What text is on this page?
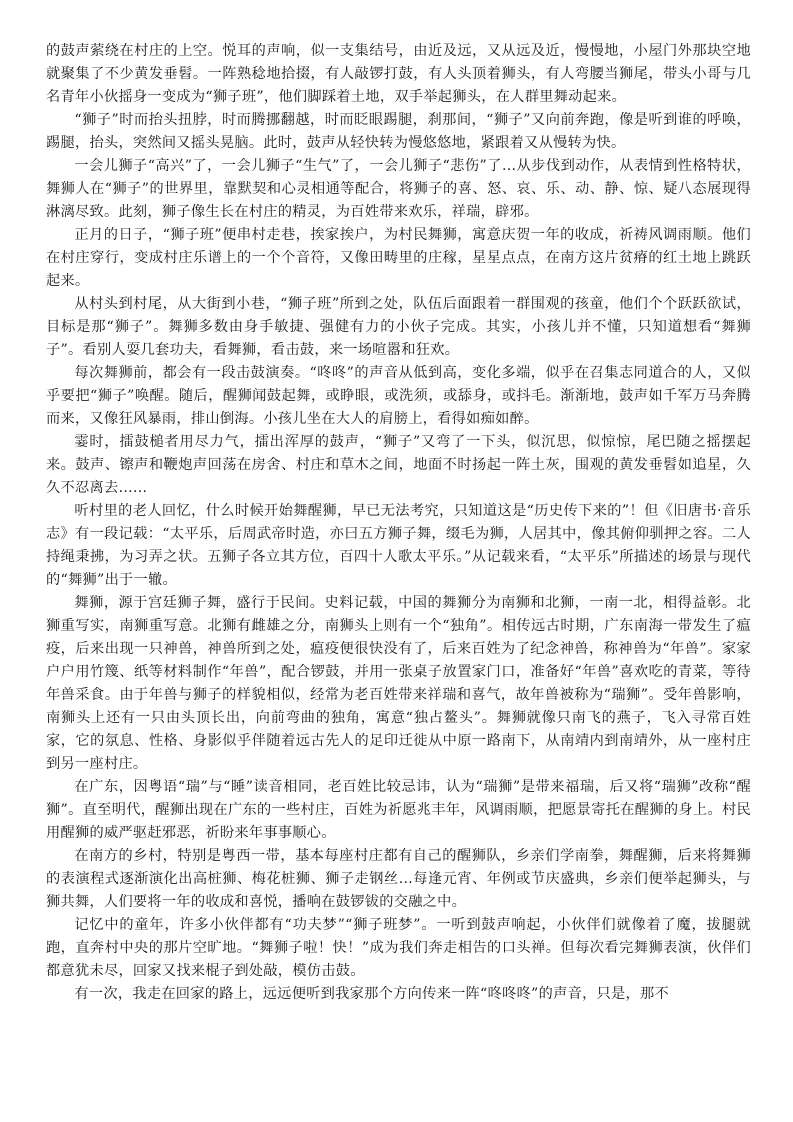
的鼓声萦绕在村庄的上空。悦耳的声响，似一支集结号，由近及远，又从远及近，慢慢地，小屋门外那块空地就聚集了不少黄发垂髫。一阵熟稔地拾掇，有人敲锣打鼓，有人头顶着狮头，有人弯腰当狮尾，带头小哥与几名青年小伙摇身一变成为“狮子班”，他们脚踩着土地，双手举起狮头，在人群里舞动起来。

“狮子”时而抬头扭脖，时而腾挪翻越，时而眨眼踢腿，刹那间，“狮子”又向前奔跑，像是听到谁的呼唤，踢腿，抬头，突然间又摇头晃脑。此时，鼓声从轻快转为慢悠悠地，紧跟着又从慢转为快。

一会儿狮子“高兴”了，一会儿狮子“生气”了，一会儿狮子“悲伤”了…从步伐到动作，从表情到性格特状，舞狮人在“狮子”的世界里，靠默契和心灵相通等配合，将狮子的喜、怒、哀、乐、动、静、惊、疑八态展现得淋漓尽致。此刻，狮子像生长在村庄的精灵，为百姓带来欢乐，祥瑞，辟邪。

正月的日子，“狮子班”便串村走巷，挨家挨户，为村民舞狮，寓意庆贺一年的收成，祈祷风调雨顺。他们在村庄穿行，变成村庄乐谱上的一个个音符，又像田畴里的庄稼，星星点点，在南方这片贫瘠的红土地上跳跃起来。

从村头到村尾，从大街到小巷，“狮子班”所到之处，队伍后面跟着一群围观的孩童，他们个个跃跃欲试，目标是那“狮子”。舞狮多数由身手敏捷、强健有力的小伙子完成。其实，小孩儿并不懂，只知道想看“舞狮子”。看别人耍几套功夫，看舞狮，看击鼓，来一场喧嚣和狂欢。

每次舞狮前，都会有一段击鼓演奏。“咚咚”的声音从低到高，变化多端，似乎在召集志同道合的人，又似乎要把“狮子”唤醒。随后，醒狮闻鼓起舞，或睁眼，或洗须，或舔身，或抖毛。渐渐地，鼓声如千军万马奔腾而来，又像狂风暴雨，排山倒海。小孩儿坐在大人的肩膀上，看得如痴如醉。

霎时，擂鼓槌者用尽力气，擂出浑厚的鼓声，“狮子”又弯了一下头，似沉思，似惊惊，尾巴随之摇摆起来。鼓声、镲声和鞭炮声回荡在房舍、村庄和草木之间，地面不时扬起一阵土灰，围观的黄发垂髫如追星，久久不忍离去……

听村里的老人回忆，什么时候开始舞醒狮，早已无法考究，只知道这是“历史传下来的”！但《旧唐书·音乐志》有一段记载：“太平乐，后周武帝时造，亦曰五方狮子舞，缀毛为狮，人居其中，像其俯仰驯押之容。二人持绳秉拂，为习弄之状。五狮子各立其方位，百四十人歌太平乐。”从记载来看，“太平乐”所描述的场景与现代的“舞狮”出于一辙。

舞狮，源于宫廷狮子舞，盛行于民间。史料记载，中国的舞狮分为南狮和北狮，一南一北，相得益彰。北狮重写实，南狮重写意。北狮有雌雄之分，南狮头上则有一个“独角”。相传远古时期，广东南海一带发生了瘟疫，后来出现一只神兽，神兽所到之处，瘟疫便很快没有了，后来百姓为了纪念神兽，称神兽为“年兽”。家家户户用竹篾、纸等材料制作“年兽”，配合锣鼓，并用一张桌子放置家门口，准备好“年兽”喜欢吃的青菜，等待年兽采食。由于年兽与狮子的样貌相似，经常为老百姓带来祥瑞和喜气，故年兽被称为“瑞狮”。受年兽影响，南狮头上还有一只由头顶长出，向前弯曲的独角，寓意“独占鳌头”。舞狮就像只南飞的燕子，飞入寻常百姓家，它的氛息、性格、身影似乎伴随着远古先人的足印迁徙从中原一路南下，从南靖内到南靖外，从一座村庄到另一座村庄。

在广东，因粤语“瑞”与“睡”读音相同，老百姓比较忌讳，认为“瑞狮”是带来福瑞，后又将“瑞狮”改称“醒狮”。直至明代，醒狮出现在广东的一些村庄，百姓为祈愿兆丰年，风调雨顺，把愿景寄托在醒狮的身上。村民用醒狮的威严驱赶邪恶，祈盼来年事事顺心。

在南方的乡村，特别是粤西一带，基本每座村庄都有自己的醒狮队，乡亲们学南拳，舞醒狮，后来将舞狮的表演程式逐渐演化出高桩狮、梅花桩狮、狮子走钢丝…每逢元宵、年例或节庆盛典，乡亲们便举起狮头，与狮共舞，人们要将一年的收成和喜悦，播响在鼓锣钹的交融之中。

记忆中的童年，许多小伙伴都有“功夫梦”“狮子班梦”。一听到鼓声响起，小伙伴们就像着了魔，拔腿就跑，直奔村中央的那片空旷地。“舞狮子啦！快！”成为我们奔走相告的口头禅。但每次看完舞狮表演，伙伴们都意犹未尽，回家又找来棍子到处敲，模仿击鼓。

有一次，我走在回家的路上，远远便听到我家那个方向传来一阵“咚咚咚”的声音，只是，那不
